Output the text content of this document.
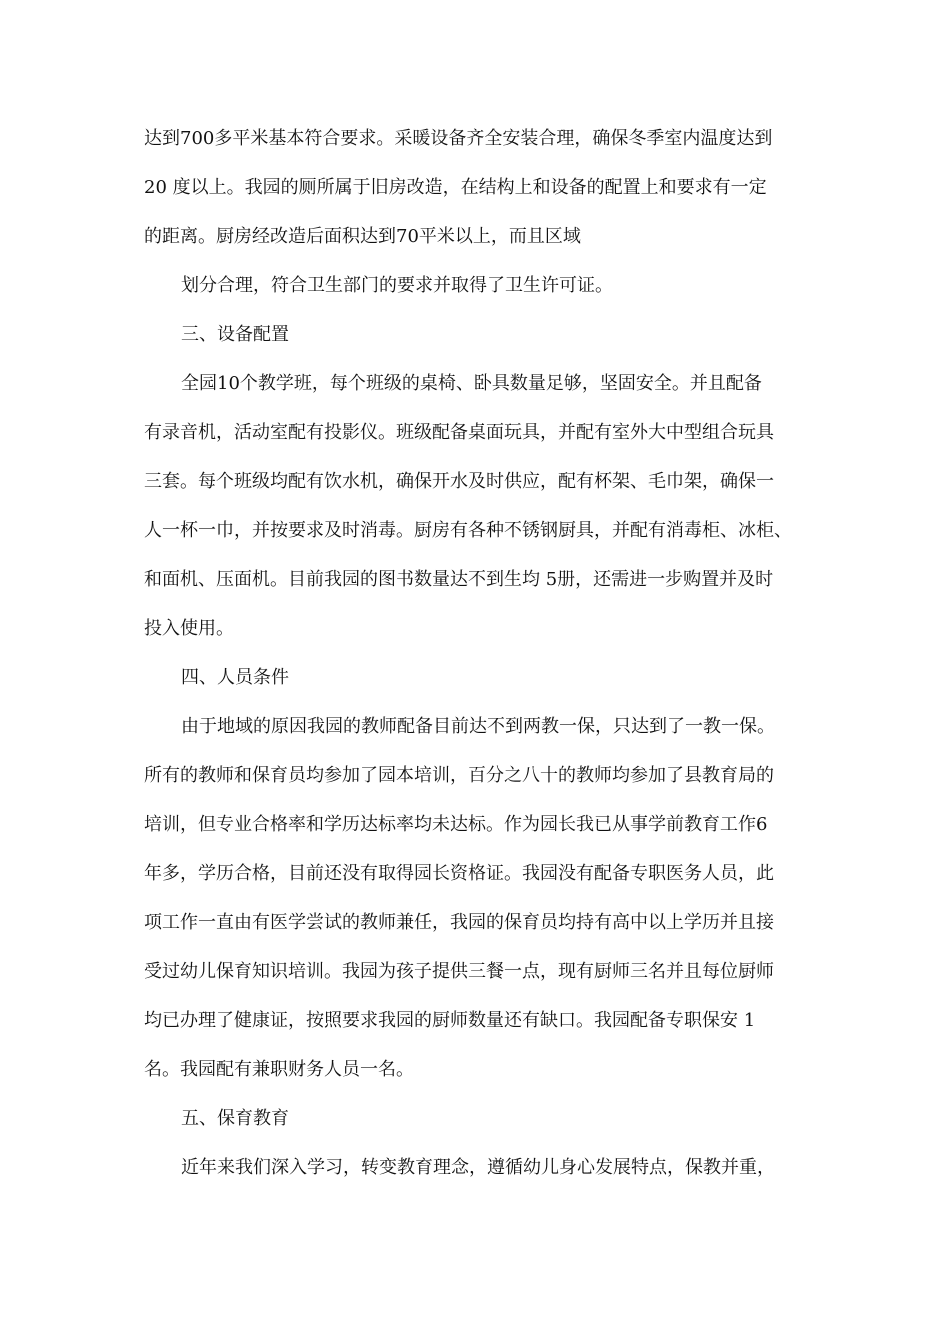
达到700多平米基本符合要求。采暖设备齐全安装合理，确保冬季室内温度达到
20 度以上。我园的厕所属于旧房改造，在结构上和设备的配置上和要求有一定
的距离。厨房经改造后面积达到70平米以上，而且区域
划分合理，符合卫生部门的要求并取得了卫生许可证。
三、设备配置
全园10个教学班，每个班级的桌椅、卧具数量足够，坚固安全。并且配备
有录音机，活动室配有投影仪。班级配备桌面玩具，并配有室外大中型组合玩具
三套。每个班级均配有饮水机，确保开水及时供应，配有杯架、毛巾架，确保一
人一杯一巾，并按要求及时消毒。厨房有各种不锈钢厨具，并配有消毒柜、冰柜、
和面机、压面机。目前我园的图书数量达不到生均 5册，还需进一步购置并及时
投入使用。
四、人员条件
由于地域的原因我园的教师配备目前达不到两教一保，只达到了一教一保。
所有的教师和保育员均参加了园本培训，百分之八十的教师均参加了县教育局的
培训，但专业合格率和学历达标率均未达标。作为园长我已从事学前教育工作6
年多，学历合格，目前还没有取得园长资格证。我园没有配备专职医务人员，此
项工作一直由有医学尝试的教师兼任，我园的保育员均持有高中以上学历并且接
受过幼儿保育知识培训。我园为孩子提供三餐一点，现有厨师三名并且每位厨师
均已办理了健康证，按照要求我园的厨师数量还有缺口。我园配备专职保安 1
名。我园配有兼职财务人员一名。
五、保育教育
近年来我们深入学习，转变教育理念，遵循幼儿身心发展特点，保教并重，
